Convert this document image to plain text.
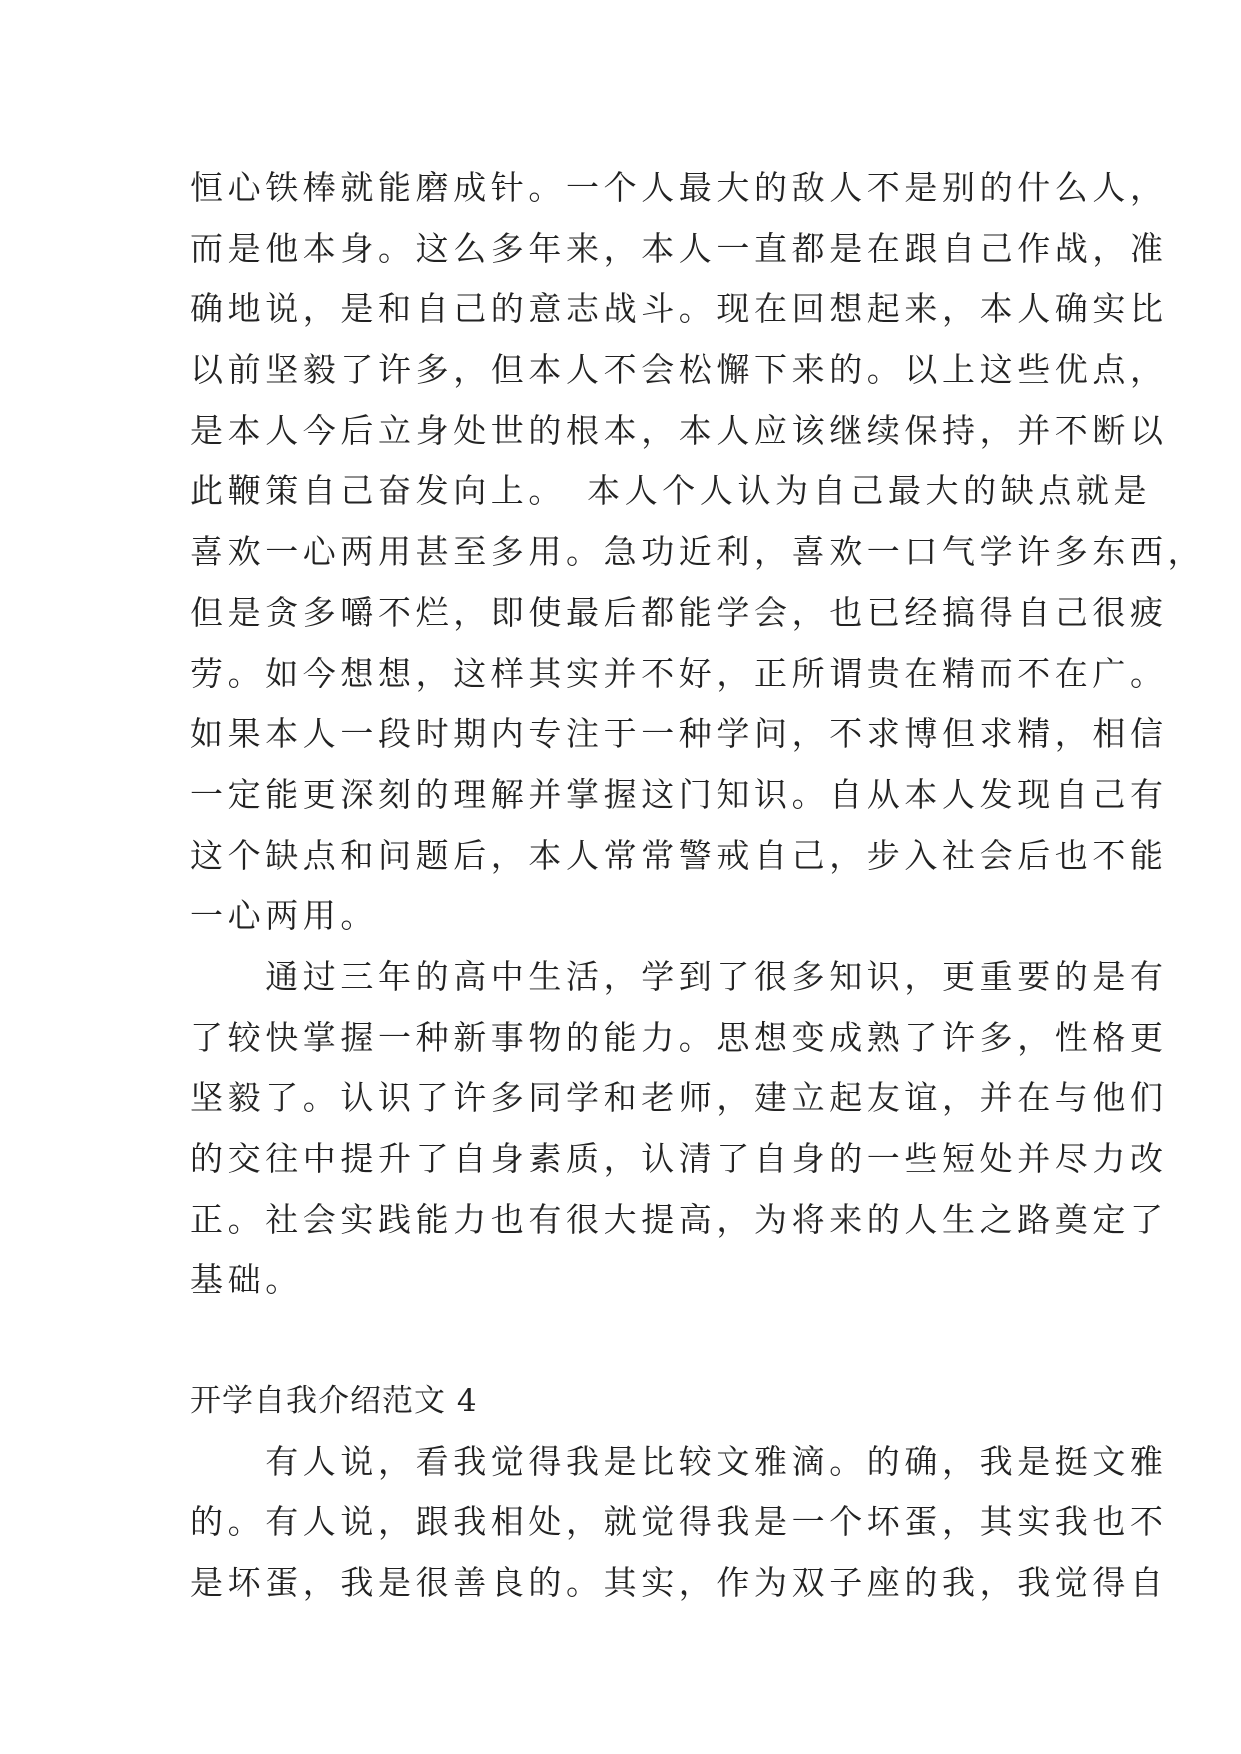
恒心铁棒就能磨成针。一个人最大的敌人不是别的什么人，
而是他本身。这么多年来，本人一直都是在跟自己作战，准
确地说，是和自己的意志战斗。现在回想起来，本人确实比
以前坚毅了许多，但本人不会松懈下来的。以上这些优点，
是本人今后立身处世的根本，本人应该继续保持，并不断以
此鞭策自己奋发向上。　本人个人认为自己最大的缺点就是
喜欢一心两用甚至多用。急功近利，喜欢一口气学许多东西，
但是贪多嚼不烂，即使最后都能学会，也已经搞得自己很疲
劳。如今想想，这样其实并不好，正所谓贵在精而不在广。
如果本人一段时期内专注于一种学问，不求博但求精，相信
一定能更深刻的理解并掌握这门知识。自从本人发现自己有
这个缺点和问题后，本人常常警戒自己，步入社会后也不能
一心两用。
　　通过三年的高中生活，学到了很多知识，更重要的是有
了较快掌握一种新事物的能力。思想变成熟了许多，性格更
坚毅了。认识了许多同学和老师，建立起友谊，并在与他们
的交往中提升了自身素质，认清了自身的一些短处并尽力改
正。社会实践能力也有很大提高，为将来的人生之路奠定了
基础。
开学自我介绍范文 4
　　有人说，看我觉得我是比较文雅滴。的确，我是挺文雅
的。有人说，跟我相处，就觉得我是一个坏蛋，其实我也不
是坏蛋，我是很善良的。其实，作为双子座的我，我觉得自
